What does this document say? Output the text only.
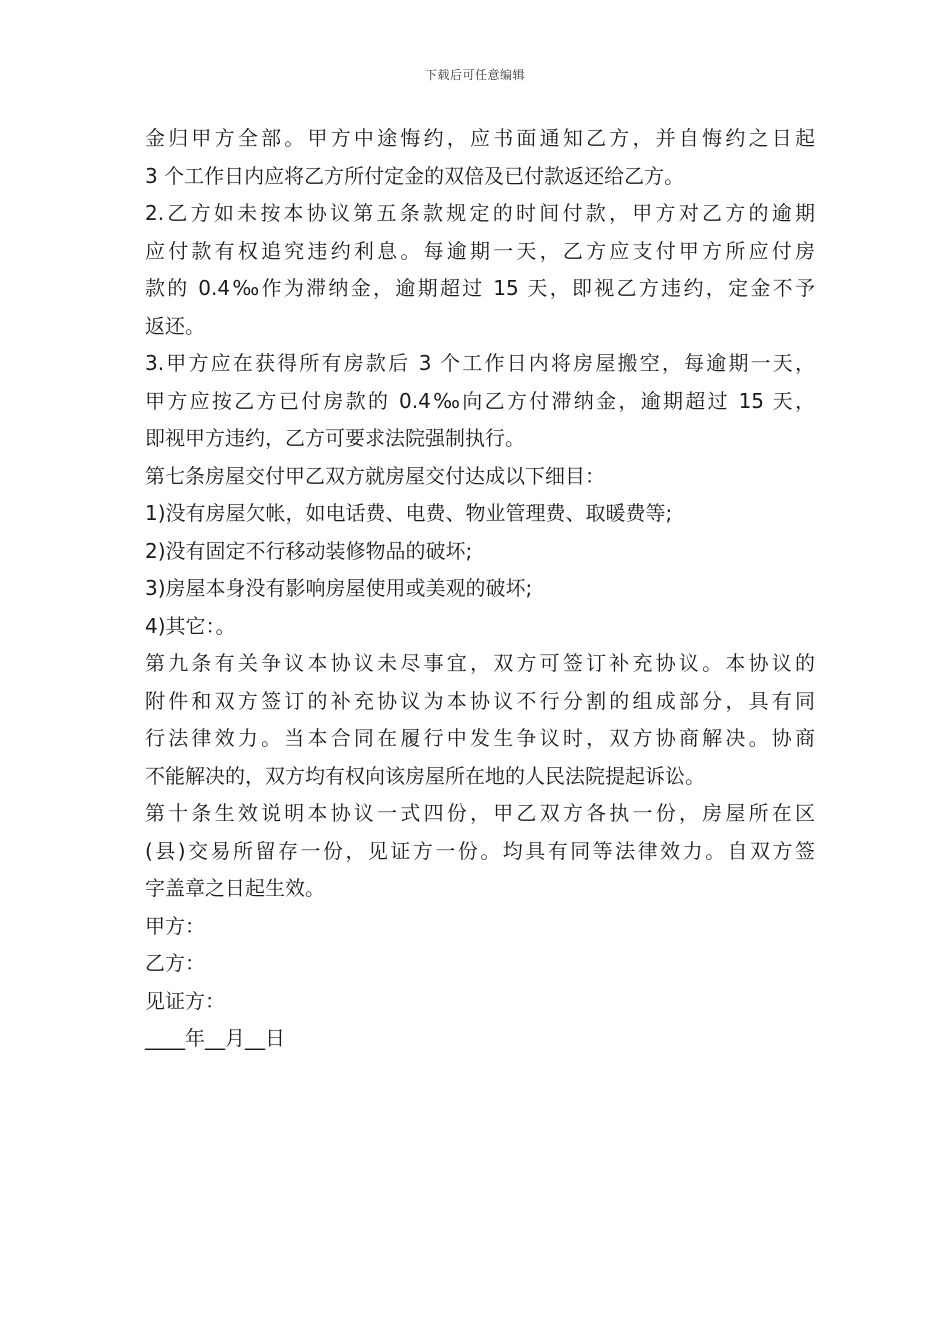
下载后可任意编辑
金归甲方全部。甲方中途悔约，应书面通知乙方，并自悔约之日起
3 个工作日内应将乙方所付定金的双倍及已付款返还给乙方。
2.乙方如未按本协议第五条款规定的时间付款，甲方对乙方的逾期
应付款有权追究违约利息。每逾期一天，乙方应支付甲方所应付房
款的 0.4‰作为滞纳金，逾期超过 15 天，即视乙方违约，定金不予
返还。
3.甲方应在获得所有房款后 3 个工作日内将房屋搬空，每逾期一天，
甲方应按乙方已付房款的 0.4‰向乙方付滞纳金，逾期超过 15 天，
即视甲方违约，乙方可要求法院强制执行。
第七条房屋交付甲乙双方就房屋交付达成以下细目：
1)没有房屋欠帐，如电话费、电费、物业管理费、取暖费等;
2)没有固定不行移动装修物品的破坏;
3)房屋本身没有影响房屋使用或美观的破坏;
4)其它：。
第九条有关争议本协议未尽事宜，双方可签订补充协议。本协议的
附件和双方签订的补充协议为本协议不行分割的组成部分，具有同
行法律效力。当本合同在履行中发生争议时，双方协商解决。协商
不能解决的，双方均有权向该房屋所在地的人民法院提起诉讼。
第十条生效说明本协议一式四份，甲乙双方各执一份，房屋所在区
(县)交易所留存一份，见证方一份。均具有同等法律效力。自双方签
字盖章之日起生效。
甲方：
乙方：
见证方：
____年__月__日
